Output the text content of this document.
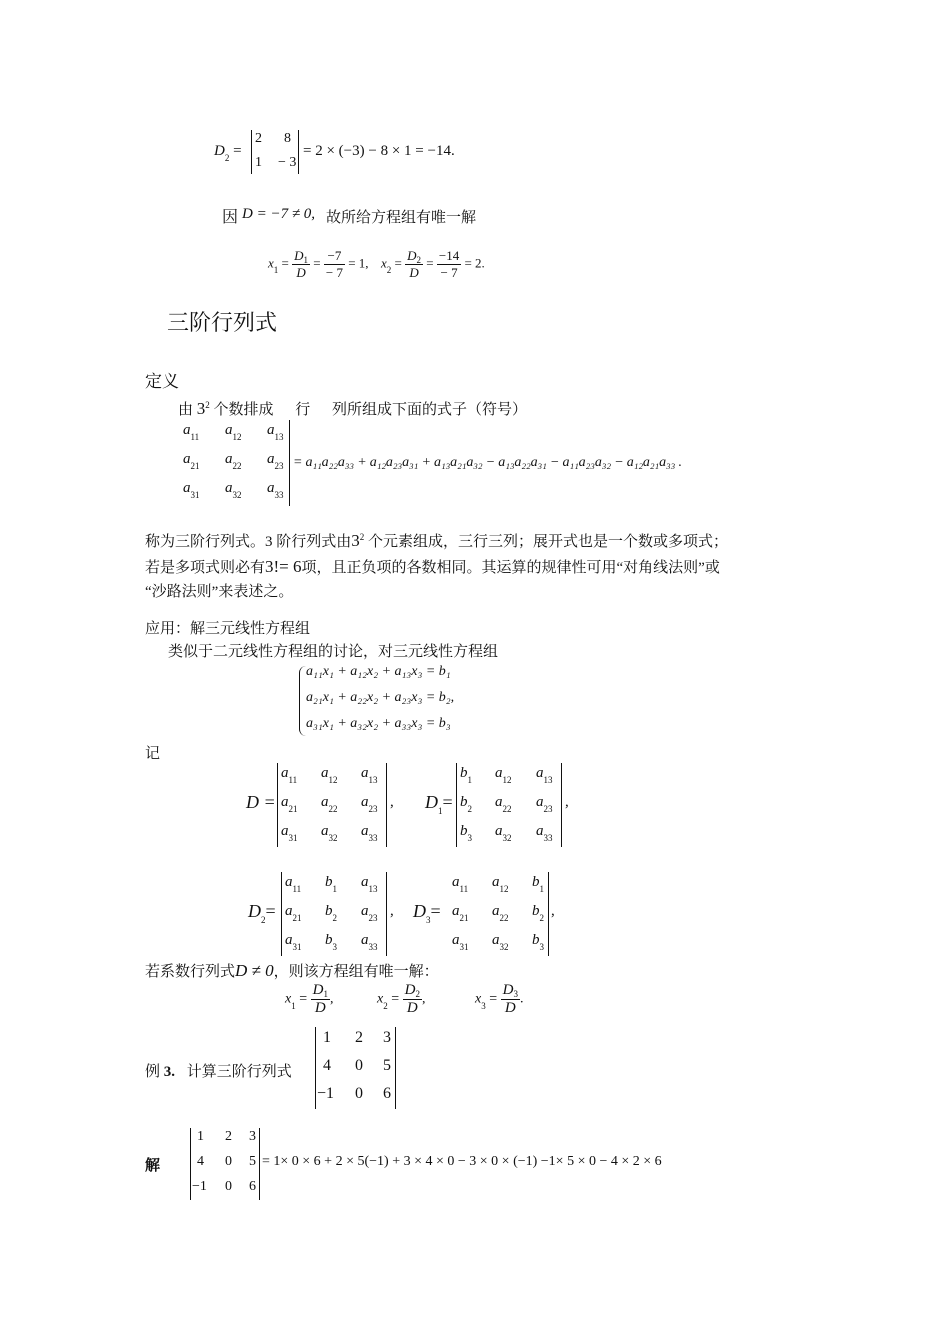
$D_2$ =
2 8
1 − 3
= 2 × (−3) − 8 × 1 = −14.
因 D = −7 ≠ 0, 故所给方程组有唯一解
$x_1 = \frac{D_1}{D} = \frac{-7}{- 7} = 1$, $x_2 = \frac{D_2}{D} = \frac{-14}{- 7} = 2$.
三阶行列式
定义
由 $3^2$ 个数排成 行 列所组成下面的式子（符号）
$a_{11}$ $a_{12}$ $a_{13}$
$a_{21}$ $a_{22}$ $a_{23}$
$a_{31}$ $a_{32}$ $a_{33}$
= a₁₁a₂₂a₃₃ + a₁₂a₂₃a₃₁ + a₁₃a₂₁a₃₂ − a₁₃a₂₂a₃₁ − a₁₁a₂₃a₃₂ − a₁₂a₂₁a₃₃ .
称为三阶行列式。3 阶行列式由$3^2$ 个元素组成，三行三列；展开式也是一个数或多项式；
若是多项式则必有3!= 6项，且正负项的各数相同。其运算的规律性可用“对角线法则”或
“沙路法则”来表述之。
应用：解三元线性方程组
类似于二元线性方程组的讨论，对三元线性方程组
a₁₁x₁ + a₁₂x₂ + a₁₃x₃ = b₁
a₂₁x₁ + a₂₂x₂ + a₂₃x₃ = b₂,
a₃₁x₁ + a₃₂x₂ + a₃₃x₃ = b₃
记
D =
$a_{11}$ $a_{12}$ $a_{13}$
$a_{21}$ $a_{22}$ $a_{23}$
$a_{31}$ $a_{32}$ $a_{33}$
, $D_1=$
$b_1$ $a_{12}$ $a_{13}$
$b_2$ $a_{22}$ $a_{23}$
$b_3$ $a_{32}$ $a_{33}$
,
$D_2=$
$a_{11}$ $b_1$ $a_{13}$
$a_{21}$ $b_2$ $a_{23}$
$a_{31}$ $b_3$ $a_{33}$
, $D_3=$
$a_{11}$ $a_{12}$ $b_1$
$a_{21}$ $a_{22}$ $b_2$
$a_{31}$ $a_{32}$ $b_3$
,
若系数行列式D ≠ 0，则该方程组有唯一解：
$x_1 = \frac{D_1}{D}$ ,	$x_2 = \frac{D_2}{D}$ ,	$x_3 = \frac{D_3}{D}$ .
例 3. 计算三阶行列式
1 2 3
4 0 5
−1 0 6
解
1 2 3
4 0 5
−1 0 6
= 1× 0 × 6 + 2 × 5(−1) + 3 × 4 × 0 − 3 × 0 × (−1) −1× 5 × 0 − 4 × 2 × 6
